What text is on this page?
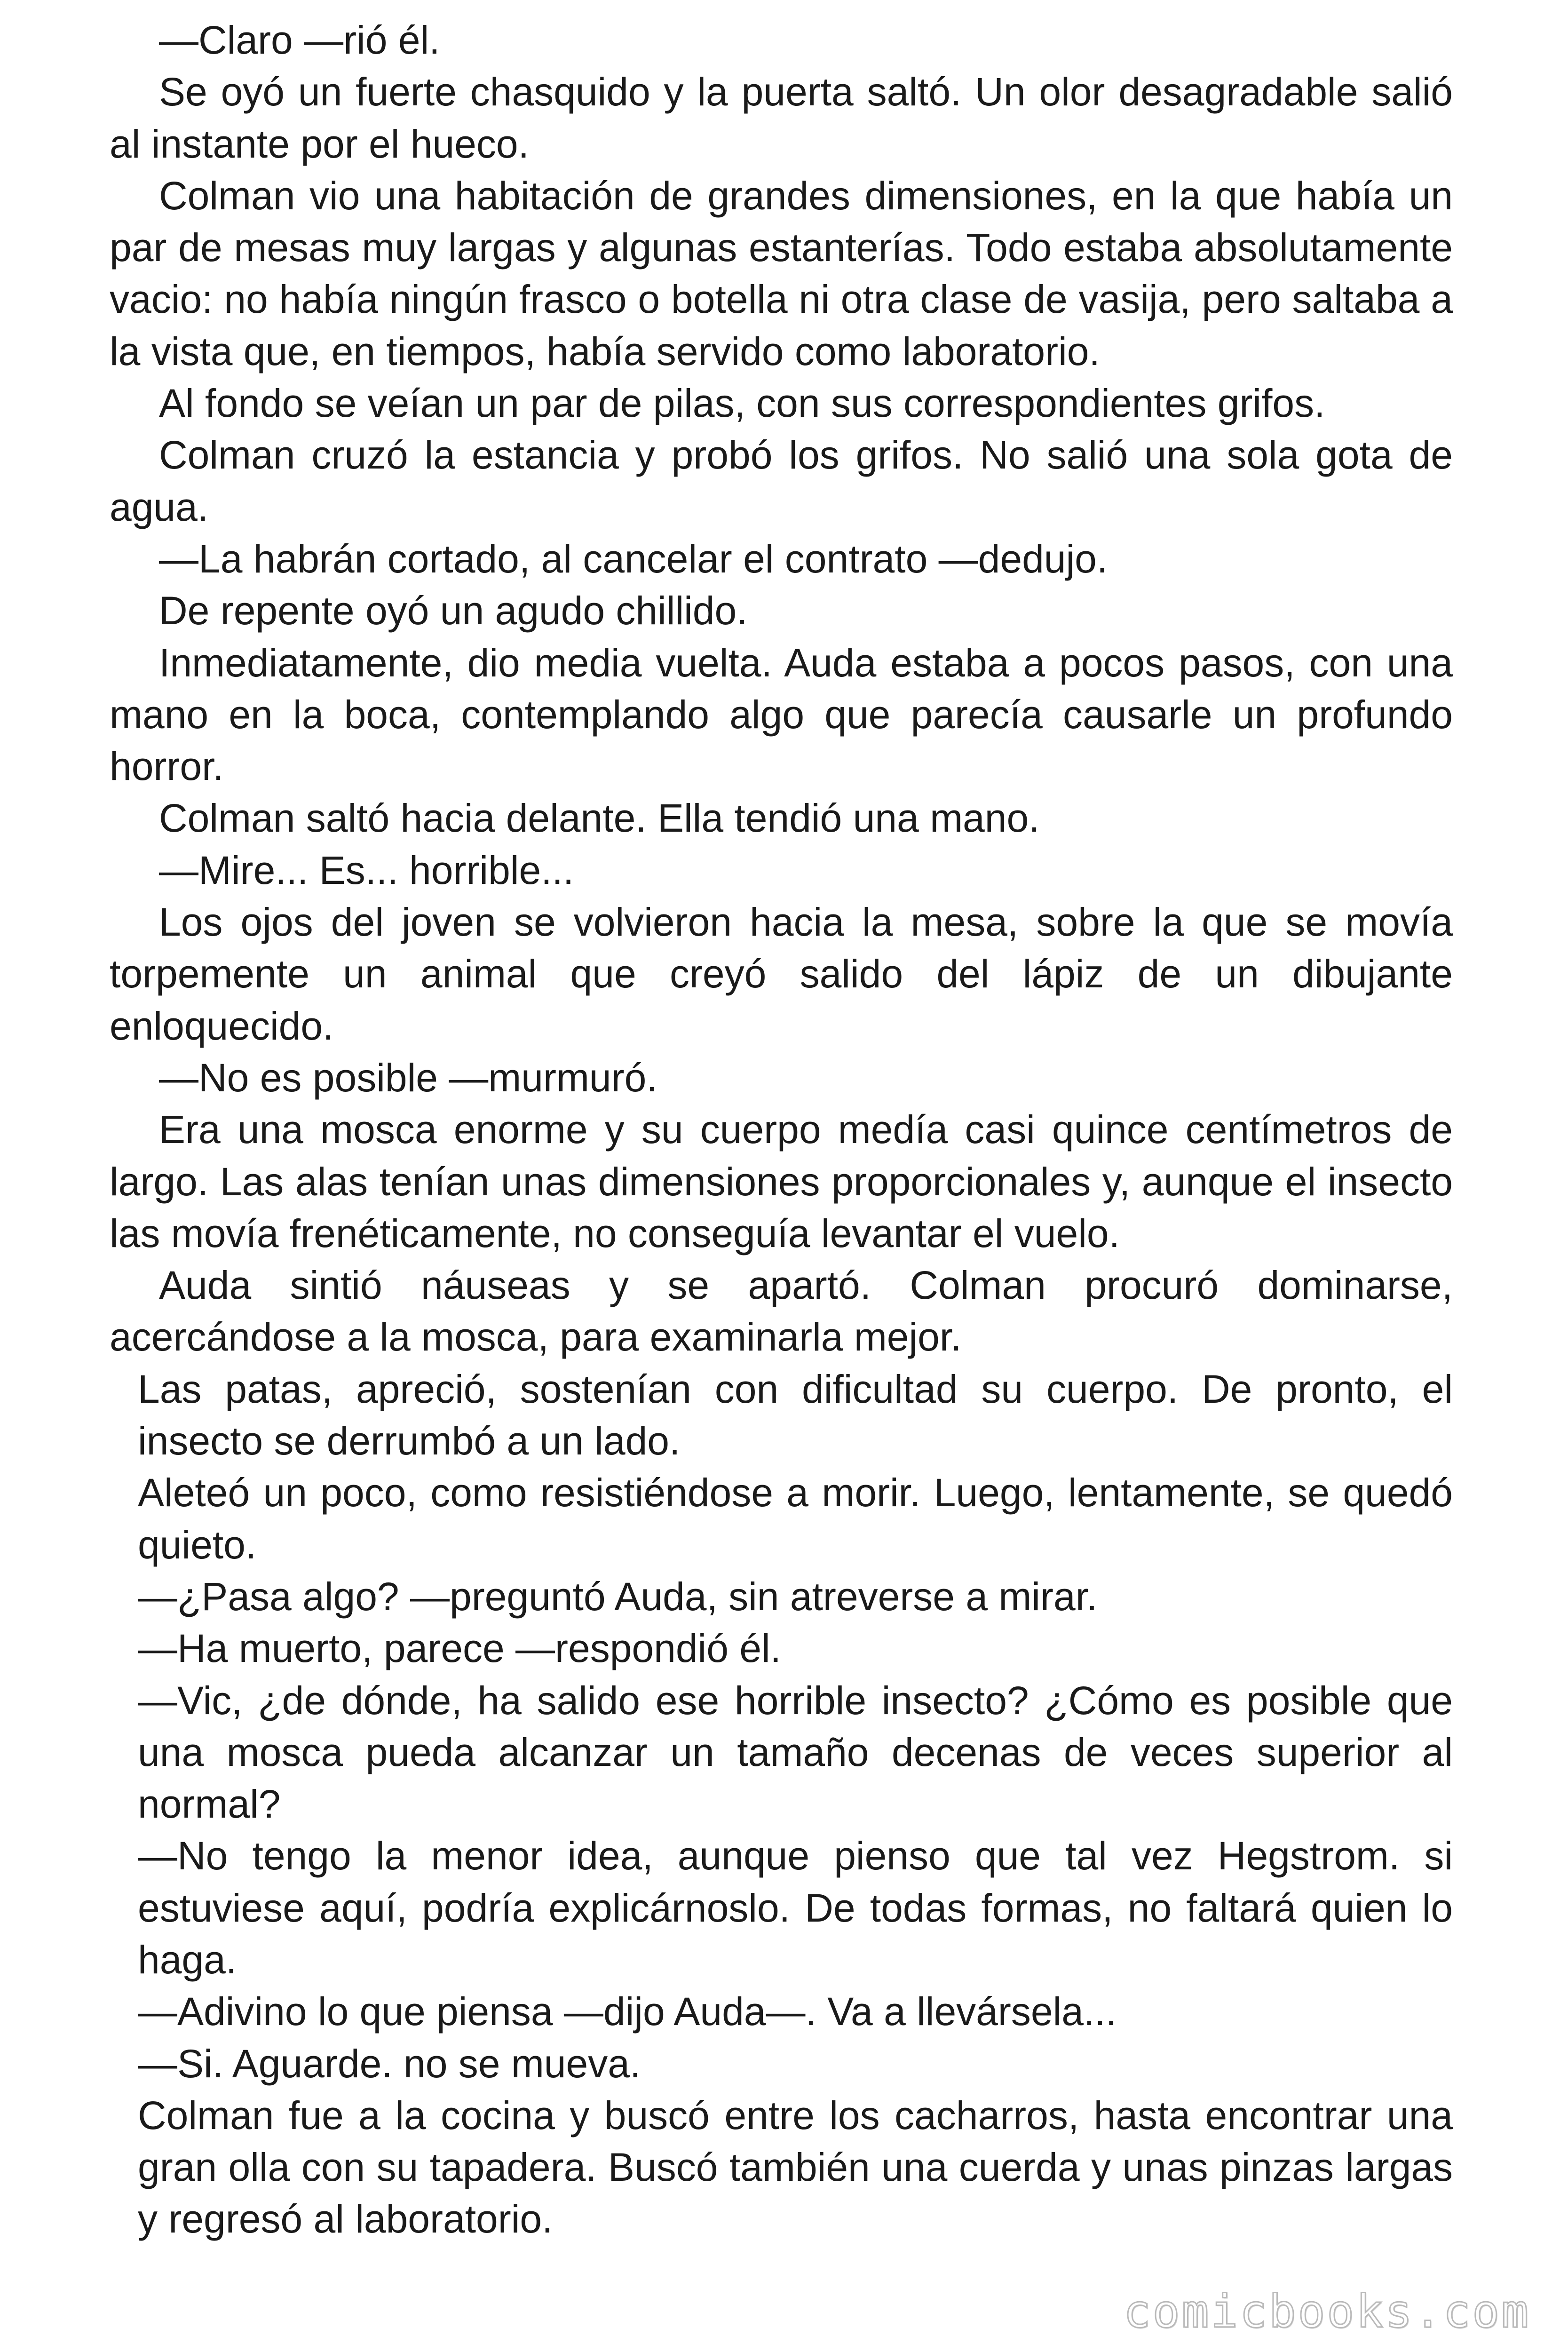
—Claro —rió él.

Se oyó un fuerte chasquido y la puerta saltó. Un olor desagradable salió al instante por el hueco.

Colman vio una habitación de grandes dimensiones, en la que había un par de mesas muy largas y algunas estanterías. Todo estaba absolutamente vacio: no había ningún frasco o botella ni otra clase de vasija, pero saltaba a la vista que, en tiempos, había servido como laboratorio.

Al fondo se veían un par de pilas, con sus correspondientes grifos.

Colman cruzó la estancia y probó los grifos. No salió una sola gota de agua.

—La habrán cortado, al cancelar el contrato —dedujo.

De repente oyó un agudo chillido.

Inmediatamente, dio media vuelta. Auda estaba a pocos pasos, con una mano en la boca, contemplando algo que parecía causarle un profundo horror.

Colman saltó hacia delante. Ella tendió una mano.

—Mire... Es... horrible...

Los ojos del joven se volvieron hacia la mesa, sobre la que se movía torpemente un animal que creyó salido del lápiz de un dibujante enloquecido.

—No es posible —murmuró.

Era una mosca enorme y su cuerpo medía casi quince centímetros de largo. Las alas tenían unas dimensiones proporcionales y, aunque el insecto las movía frenéticamente, no conseguía levantar el vuelo.

Auda sintió náuseas y se apartó. Colman procuró dominarse, acercándose a la mosca, para examinarla mejor.

Las patas, apreció, sostenían con dificultad su cuerpo. De pronto, el insecto se derrumbó a un lado.

Aleteó un poco, como resistiéndose a morir. Luego, lentamente, se quedó quieto.

—¿Pasa algo? —preguntó Auda, sin atreverse a mirar.

—Ha muerto, parece —respondió él.

—Vic, ¿de dónde, ha salido ese horrible insecto? ¿Cómo es posible que una mosca pueda alcanzar un tamaño decenas de veces superior al normal?

—No tengo la menor idea, aunque pienso que tal vez Hegstrom. si estuviese aquí, podría explicárnoslo. De todas formas, no faltará quien lo haga.

—Adivino lo que piensa —dijo Auda—. Va a llevársela...

—Si. Aguarde. no se mueva.

Colman fue a la cocina y buscó entre los cacharros, hasta encontrar una gran olla con su tapadera. Buscó también una cuerda y unas pinzas largas y regresó al laboratorio.

comicbooks.com
